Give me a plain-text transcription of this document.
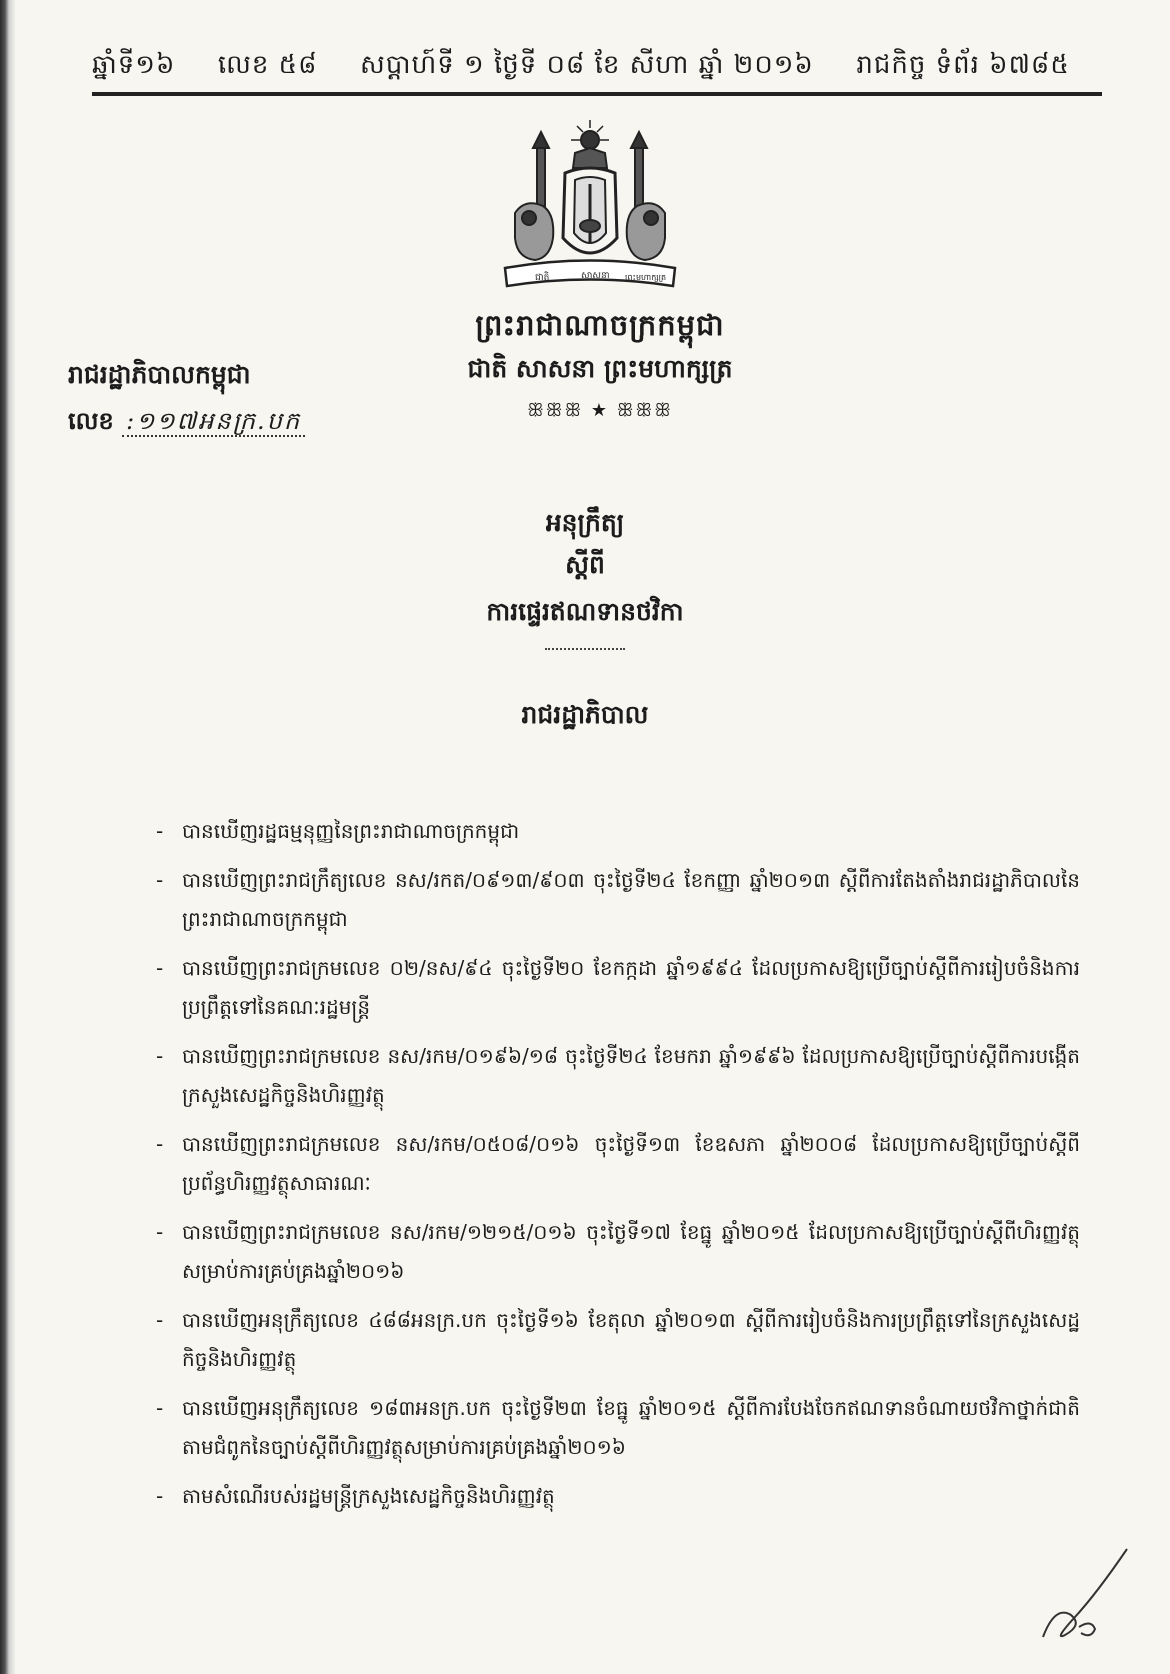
ឆ្នាំទី១៦ លេខ ៥៨ សប្តាហ៍ទី ១ ថ្ងៃទី ០៨ ខែ សីហា ឆ្នាំ ២០១៦ រាជកិច្ច ទំព័រ ៦៧៨៥
ជាតិ	សាសនា ព្រះមហាក្សត្រ
ព្រះរាជាណាចក្រកម្ពុជា
ជាតិ សាសនា ព្រះមហាក្សត្រ
ꕥꕥꕥ ★ ꕥꕥꕥ
រាជរដ្ឋាភិបាលកម្ពុជា
លេខ :១១៧អនក្រ.បក
អនុក្រឹត្យ
ស្តីពី
ការផ្ទេរឥណទានថវិកា
រាជរដ្ឋាភិបាល
- បានឃើញរដ្ឋធម្មនុញ្ញនៃព្រះរាជាណាចក្រកម្ពុជា
- បានឃើញព្រះរាជក្រឹត្យលេខ នស/រកត/០៩១៣/៩០៣ ចុះថ្ងៃទី២៤ ខែកញ្ញា ឆ្នាំ២០១៣ ស្តីពីការតែងតាំងរាជរដ្ឋាភិបាលនៃព្រះរាជាណាចក្រកម្ពុជា
- បានឃើញព្រះរាជក្រមលេខ ០២/នស/៩៤ ចុះថ្ងៃទី២០ ខែកក្កដា ឆ្នាំ១៩៩៤ ដែលប្រកាសឱ្យប្រើច្បាប់ស្តីពីការរៀបចំនិងការប្រព្រឹត្តទៅនៃគណៈរដ្ឋមន្ត្រី
- បានឃើញព្រះរាជក្រមលេខ នស/រកម/០១៩៦/១៨ ចុះថ្ងៃទី២៤ ខែមករា ឆ្នាំ១៩៩៦ ដែលប្រកាសឱ្យប្រើច្បាប់ស្តីពីការបង្កើតក្រសួងសេដ្ឋកិច្ចនិងហិរញ្ញវត្ថុ
- បានឃើញព្រះរាជក្រមលេខ នស/រកម/០៥០៨/០១៦ ចុះថ្ងៃទី១៣ ខែឧសភា ឆ្នាំ២០០៨ ដែលប្រកាសឱ្យប្រើច្បាប់ស្តីពីប្រព័ន្ធហិរញ្ញវត្ថុសាធារណៈ
- បានឃើញព្រះរាជក្រមលេខ នស/រកម/១២១៥/០១៦ ចុះថ្ងៃទី១៧ ខែធ្នូ ឆ្នាំ២០១៥ ដែលប្រកាសឱ្យប្រើច្បាប់ស្តីពីហិរញ្ញវត្ថុសម្រាប់ការគ្រប់គ្រងឆ្នាំ២០១៦
- បានឃើញអនុក្រឹត្យលេខ ៤៨៨អនក្រ.បក ចុះថ្ងៃទី១៦ ខែតុលា ឆ្នាំ២០១៣ ស្តីពីការរៀបចំនិងការប្រព្រឹត្តទៅនៃក្រសួងសេដ្ឋកិច្ចនិងហិរញ្ញវត្ថុ
- បានឃើញអនុក្រឹត្យលេខ ១៨៣អនក្រ.បក ចុះថ្ងៃទី២៣ ខែធ្នូ ឆ្នាំ២០១៥ ស្តីពីការបែងចែកឥណទានចំណាយថវិកាថ្នាក់ជាតិតាមជំពូកនៃច្បាប់ស្តីពីហិរញ្ញវត្ថុសម្រាប់ការគ្រប់គ្រងឆ្នាំ២០១៦
- តាមសំណើរបស់រដ្ឋមន្ត្រីក្រសួងសេដ្ឋកិច្ចនិងហិរញ្ញវត្ថុ
